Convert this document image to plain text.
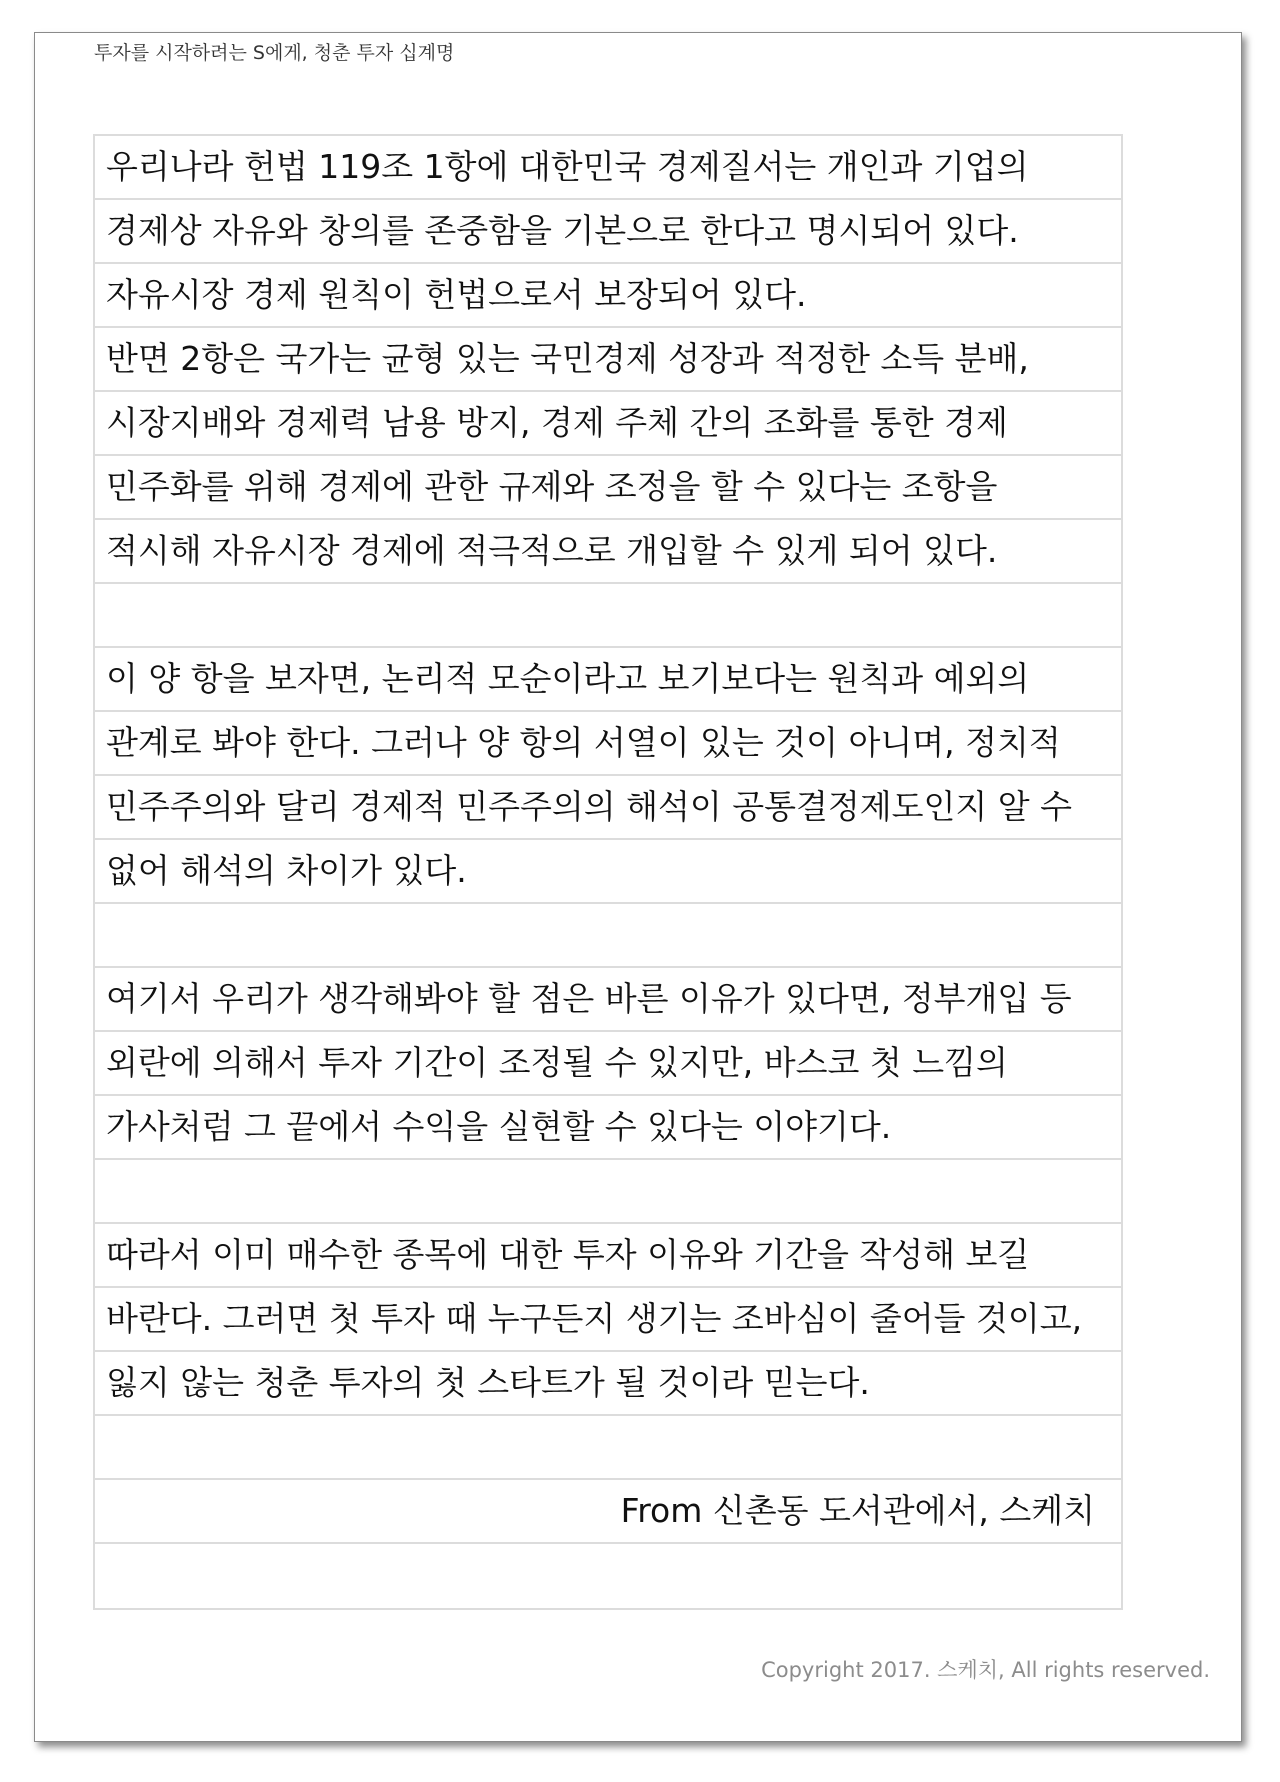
투자를 시작하려는 S에게, 청춘 투자 십계명
우리나라 헌법 119조 1항에 대한민국 경제질서는 개인과 기업의
경제상 자유와 창의를 존중함을 기본으로 한다고 명시되어 있다.
자유시장 경제 원칙이 헌법으로서 보장되어 있다.
반면 2항은 국가는 균형 있는 국민경제 성장과 적정한 소득 분배,
시장지배와 경제력 남용 방지, 경제 주체 간의 조화를 통한 경제
민주화를 위해 경제에 관한 규제와 조정을 할 수 있다는 조항을
적시해 자유시장 경제에 적극적으로 개입할 수 있게 되어 있다.
이 양 항을 보자면, 논리적 모순이라고 보기보다는 원칙과 예외의
관계로 봐야 한다. 그러나 양 항의 서열이 있는 것이 아니며, 정치적
민주주의와 달리 경제적 민주주의의 해석이 공통결정제도인지 알 수
없어 해석의 차이가 있다.
여기서 우리가 생각해봐야 할 점은 바른 이유가 있다면, 정부개입 등
외란에 의해서 투자 기간이 조정될 수 있지만, 바스코 첫 느낌의
가사처럼 그 끝에서 수익을 실현할 수 있다는 이야기다.
따라서 이미 매수한 종목에 대한 투자 이유와 기간을 작성해 보길
바란다. 그러면 첫 투자 때 누구든지 생기는 조바심이 줄어들 것이고,
잃지 않는 청춘 투자의 첫 스타트가 될 것이라 믿는다.
From 신촌동 도서관에서, 스케치
Copyright 2017. 스케치, All rights reserved.
